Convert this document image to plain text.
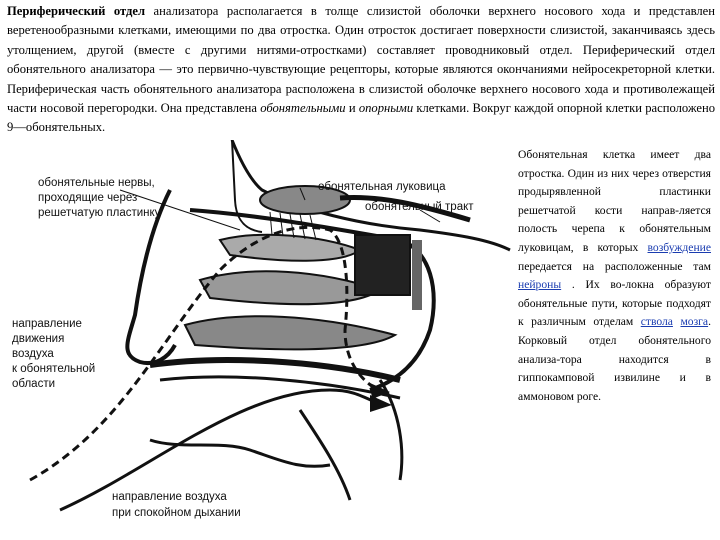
Периферический отдел анализатора располагается в толще слизистой оболочки верхнего носового хода и представлен веретенообразными клетками, имеющими по два отростка. Один отросток достигает поверхности слизистой, заканчиваясь здесь утолщением, другой (вместе с другими нитями-отростками) составляет проводниковый отдел. Периферический отдел обонятельного анализатора — это первично-чувствующие рецепторы, которые являются окончаниями нейросекреторной клетки. Периферическая часть обонятельного анализатора расположена в слизистой оболочке верхнего носового хода и противолежащей части носовой перегородки. Она представлена обонятельными и опорными клетками. Вокруг каждой опорной клетки расположено 9—обонятельных.
Обонятельная клетка имеет два отростка. Один из них через отверстия продырявленной пластинки решетчатой кости направ-ляется полость черепа к обонятельным луковицам, в которых возбуждение передается на расположенные там нейроны . Их во-локна образуют обонятельные пути, которые подходят к различным отделам ствола мозга. Корковый отдел обонятельного анализа-тора находится в гиппокамповой извилине и в аммоновом роге.
обонятельные нервы,
проходящие через
решетчатую пластинку
обонятельная луковица
обонятельный тракт
направление
движения
воздуха
к обонятельной
области
направление воздуха
при спокойном дыхании
